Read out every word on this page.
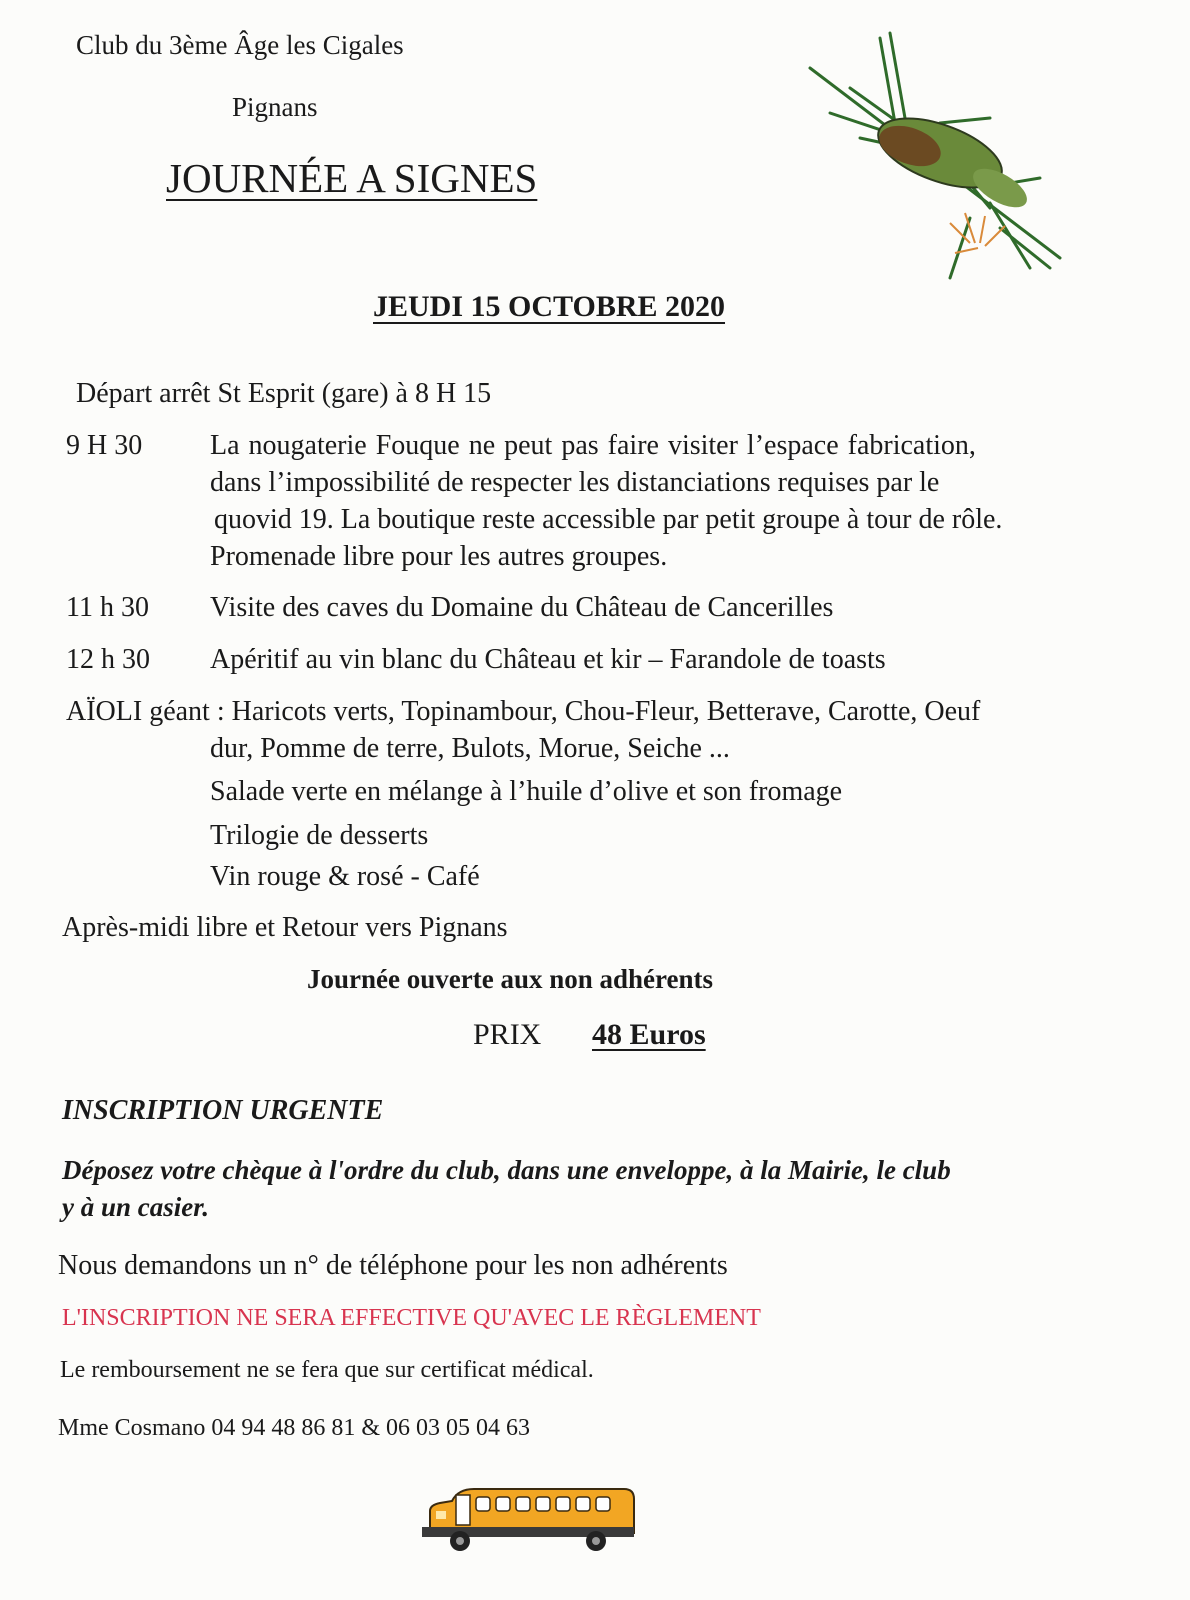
Club du 3ème Âge les Cigales
Pignans
JOURNÉE A SIGNES
JEUDI 15 OCTOBRE 2020
Départ arrêt St Esprit (gare) à 8 H 15
9 H 30 La nougaterie Fouque ne peut pas faire visiter l’espace fabrication,
dans l’impossibilité de respecter les distanciations requises par le
quovid 19. La boutique reste accessible par petit groupe à tour de rôle.
Promenade libre pour les autres groupes.
11 h 30 Visite des caves du Domaine du Château de Cancerilles
12 h 30 Apéritif au vin blanc du Château et kir – Farandole de toasts
AÏOLI géant : Haricots verts, Topinambour, Chou-Fleur, Betterave, Carotte, Oeuf
dur, Pomme de terre, Bulots, Morue, Seiche ...
Salade verte en mélange à l’huile d’olive et son fromage
Trilogie de desserts
Vin rouge & rosé - Café
Après-midi libre et Retour vers Pignans
Journée ouverte aux non adhérents
PRIX 48 Euros
INSCRIPTION URGENTE
Déposez votre chèque à l'ordre du club, dans une enveloppe, à la Mairie, le club
y à un casier.
Nous demandons un n° de téléphone pour les non adhérents
L'INSCRIPTION NE SERA EFFECTIVE QU'AVEC LE RÈGLEMENT
Le remboursement ne se fera que sur certificat médical.
Mme Cosmano 04 94 48 86 81 & 06 03 05 04 63
